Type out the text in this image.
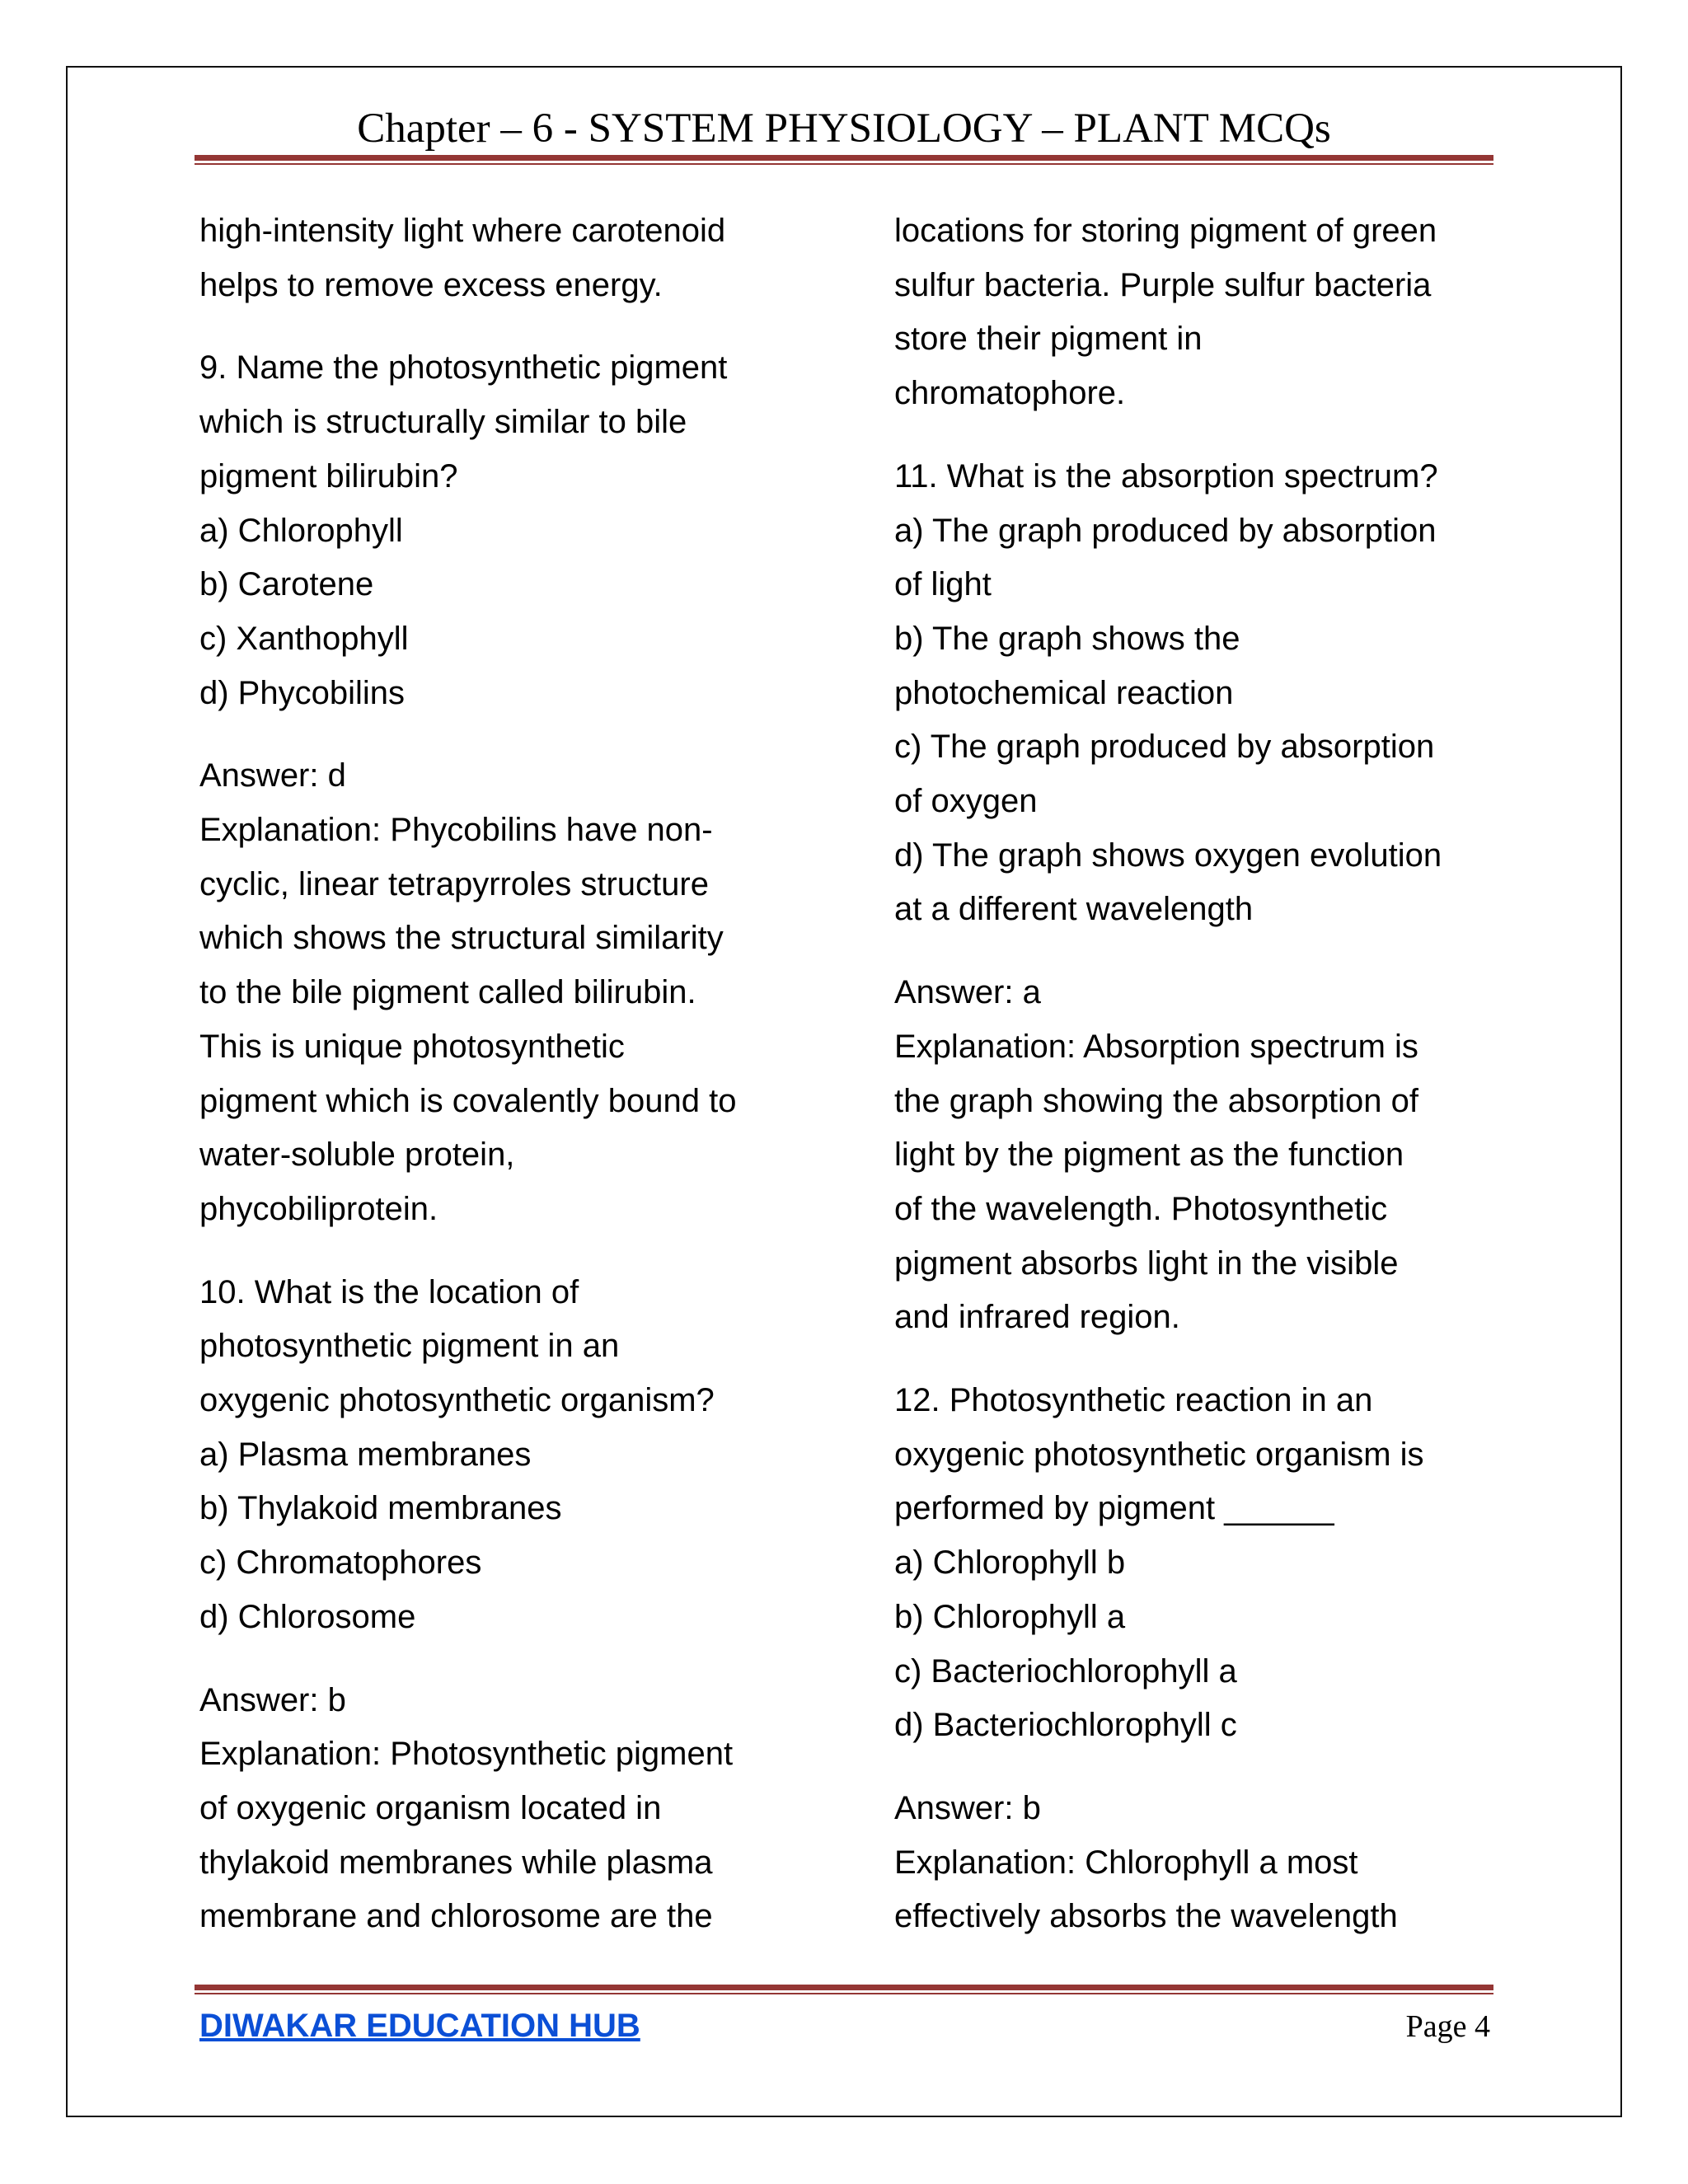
Chapter – 6 - SYSTEM PHYSIOLOGY – PLANT MCQs
high-intensity light where carotenoid
helps to remove excess energy.
9. Name the photosynthetic pigment
which is structurally similar to bile
pigment bilirubin?
a) Chlorophyll
b) Carotene
c) Xanthophyll
d) Phycobilins
Answer: d
Explanation: Phycobilins have non-
cyclic, linear tetrapyrroles structure
which shows the structural similarity
to the bile pigment called bilirubin.
This is unique photosynthetic
pigment which is covalently bound to
water-soluble protein,
phycobiliprotein.
10. What is the location of
photosynthetic pigment in an
oxygenic photosynthetic organism?
a) Plasma membranes
b) Thylakoid membranes
c) Chromatophores
d) Chlorosome
Answer: b
Explanation: Photosynthetic pigment
of oxygenic organism located in
thylakoid membranes while plasma
membrane and chlorosome are the
locations for storing pigment of green
sulfur bacteria. Purple sulfur bacteria
store their pigment in
chromatophore.
11. What is the absorption spectrum?
a) The graph produced by absorption
of light
b) The graph shows the
photochemical reaction
c) The graph produced by absorption
of oxygen
d) The graph shows oxygen evolution
at a different wavelength
Answer: a
Explanation: Absorption spectrum is
the graph showing the absorption of
light by the pigment as the function
of the wavelength. Photosynthetic
pigment absorbs light in the visible
and infrared region.
12. Photosynthetic reaction in an
oxygenic photosynthetic organism is
performed by pigment ______
a) Chlorophyll b
b) Chlorophyll a
c) Bacteriochlorophyll a
d) Bacteriochlorophyll c
Answer: b
Explanation: Chlorophyll a most
effectively absorbs the wavelength
DIWAKAR EDUCATION HUB	Page 4
